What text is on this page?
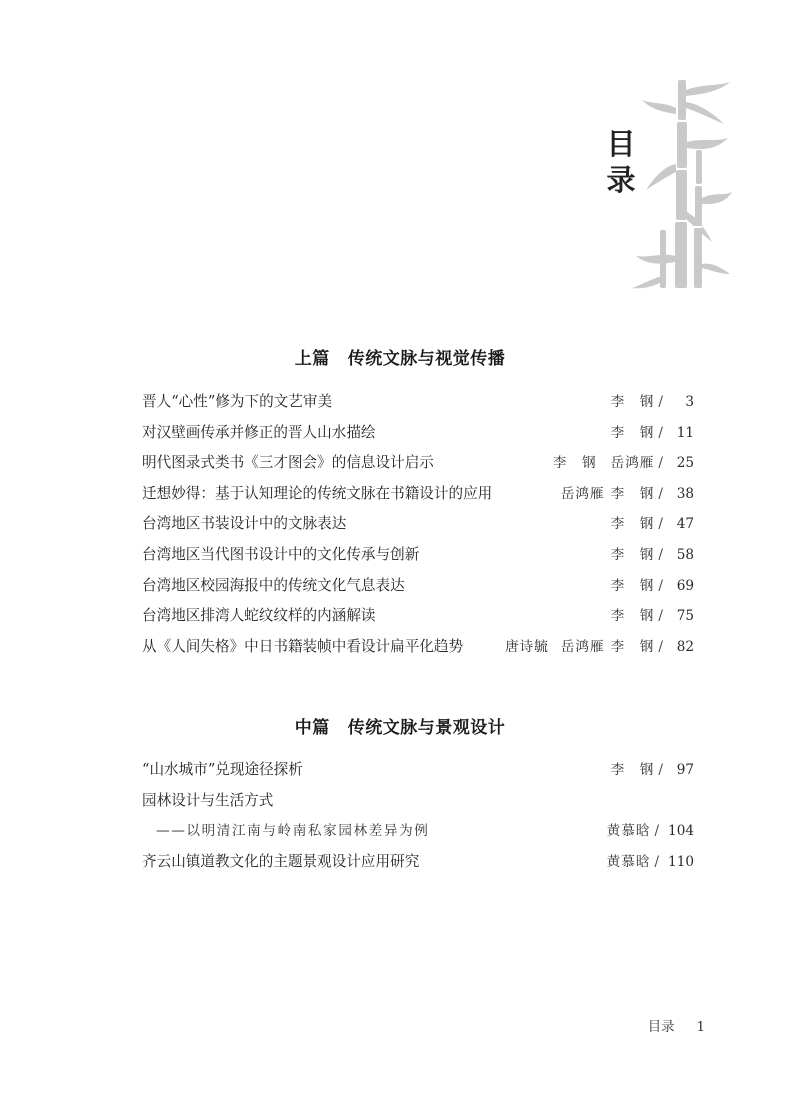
目
录
上篇 传统文脉与视觉传播
晋人“心性”修为下的文艺审美	李　钢 / 3
对汉壁画传承并修正的晋人山水描绘	李　钢 / 11
明代图录式类书《三才图会》的信息设计启示	李　钢 岳鸿雁 / 25
迁想妙得：基于认知理论的传统文脉在书籍设计的应用	岳鸿雁 李　钢 / 38
台湾地区书装设计中的文脉表达	李　钢 / 47
台湾地区当代图书设计中的文化传承与创新	李　钢 / 58
台湾地区校园海报中的传统文化气息表达	李　钢 / 69
台湾地区排湾人蛇纹纹样的内涵解读	李　钢 / 75
从《人间失格》中日书籍装帧中看设计扁平化趋势	唐诗毓 岳鸿雁 李　钢 / 82
中篇 传统文脉与景观设计
“山水城市”兑现途径探析	李　钢 / 97
园林设计与生活方式
——以明清江南与岭南私家园林差异为例	黄慕晗 / 104
齐云山镇道教文化的主题景观设计应用研究	黄慕晗 / 110
目录 1
